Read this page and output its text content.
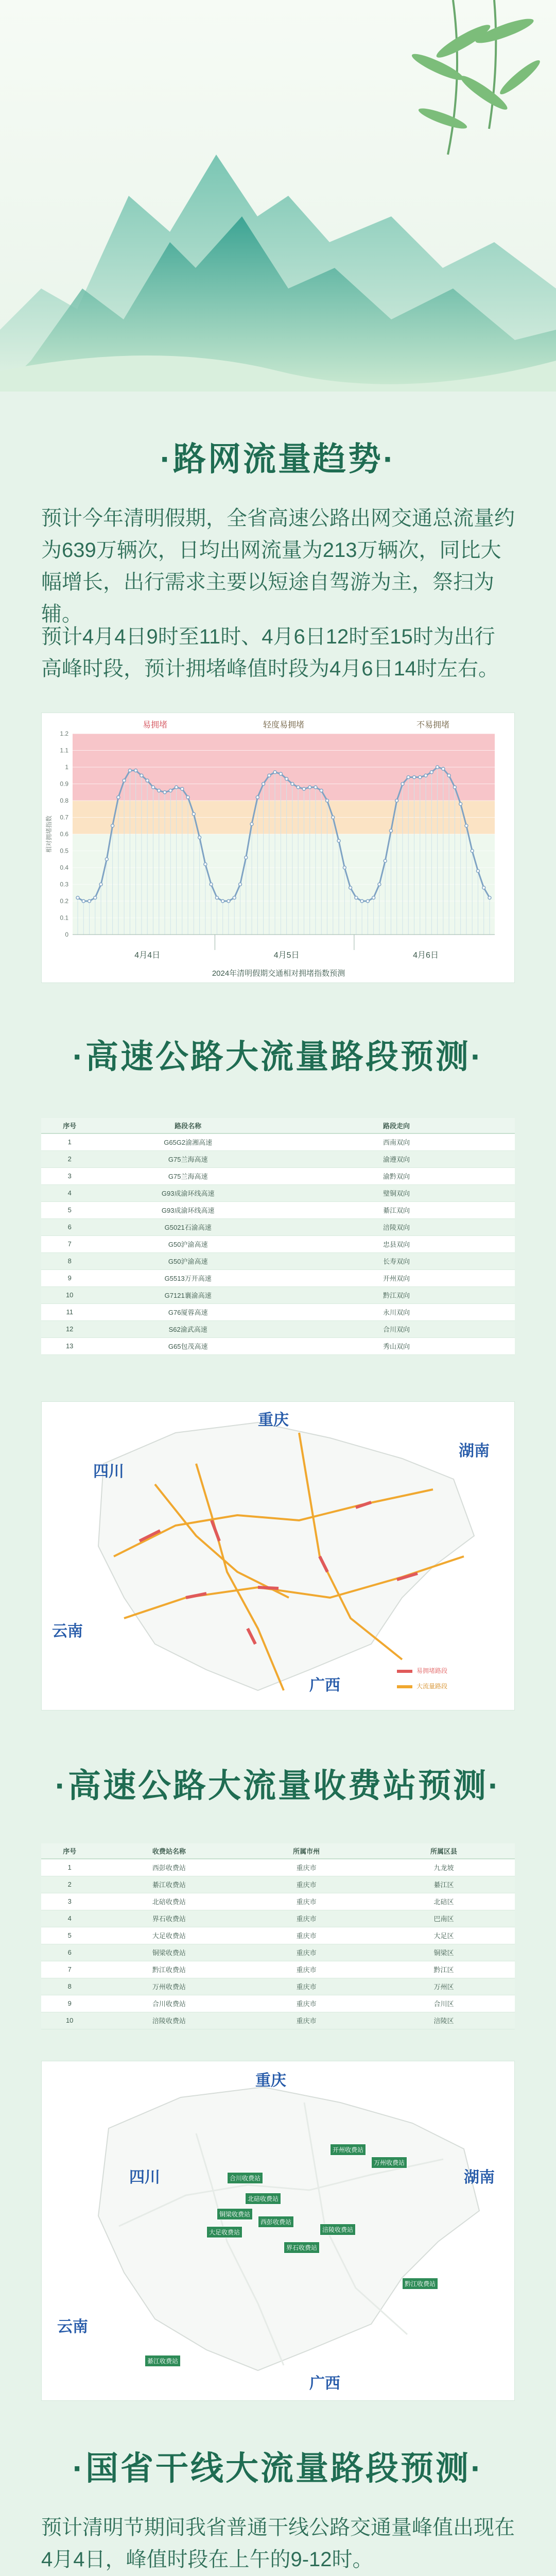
·路网流量趋势·
预计今年清明假期，全省高速公路出网交通总流量约为639万辆次，日均出网流量为213万辆次，同比大幅增长，出行需求主要以短途自驾游为主，祭扫为辅。
预计4月4日9时至11时、4月6日12时至15时为出行高峰时段，预计拥堵峰值时段为4月6日14时左右。
易拥堵	轻度易拥堵	不易拥堵
0
0.1
0.2
0.3
0.4
0.5
0.6
0.7
0.8
0.9
1
1.1
1.2
相对拥堵指数
4月4日	4月5日	4月6日
2024年清明假期交通相对拥堵指数预测
·高速公路大流量路段预测·
序号	路段名称	路段走向
1	G65G2渝湘高速	西南双向
2	G75兰海高速	渝遵双向
3	G75兰海高速	渝黔双向
4	G93成渝环线高速	璧铜双向
5	G93成渝环线高速	綦江双向
6	G5021石渝高速	涪陵双向
7	G50沪渝高速	忠县双向
8	G50沪渝高速	长寿双向
9	G5513万开高速	开州双向
10	G7121襄渝高速	黔江双向
11	G76厦蓉高速	永川双向
12	S62渝武高速	合川双向
13	G65包茂高速	秀山双向
重庆
四川
湖南
云南
广西
易拥堵路段
大流量路段
·高速公路大流量收费站预测·
序号	收费站名称	所属市州	所属区县
1	西彭收费站	重庆市	九龙坡
2	綦江收费站	重庆市	綦江区
3	北碚收费站	重庆市	北碚区
4	界石收费站	重庆市	巴南区
5	大足收费站	重庆市	大足区
6	铜梁收费站	重庆市	铜梁区
7	黔江收费站	重庆市	黔江区
8	万州收费站	重庆市	万州区
9	合川收费站	重庆市	合川区
10	涪陵收费站	重庆市	涪陵区
重庆
四川	湖南
云南
广西
开州收费站
万州收费站
合川收费站
北碚收费站
铜梁收费站
大足收费站
西彭收费站
界石收费站
涪陵收费站
綦江收费站
黔江收费站
·国省干线大流量路段预测·
预计清明节期间我省普通干线公路交通量峰值出现在4月4日，峰值时段在上午的9-12时。
